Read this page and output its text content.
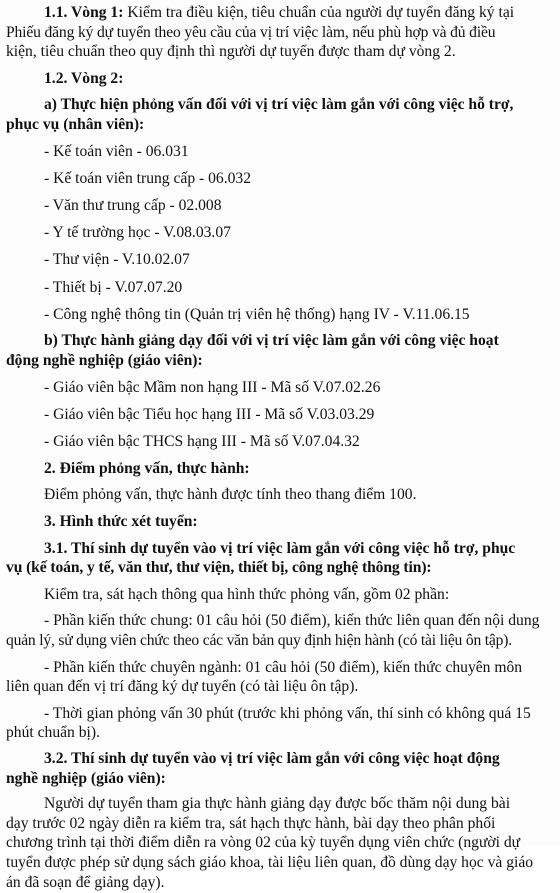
1.1. Vòng 1: Kiểm tra điều kiện, tiêu chuẩn của người dự tuyển đăng ký tại
Phiếu đăng ký dự tuyển theo yêu cầu của vị trí việc làm, nếu phù hợp và đủ điều
kiện, tiêu chuẩn theo quy định thì người dự tuyển được tham dự vòng 2.
1.2. Vòng 2:
a) Thực hiện phỏng vấn đối với vị trí việc làm gắn với công việc hỗ trợ,
phục vụ (nhân viên):
- Kế toán viên - 06.031
- Kế toán viên trung cấp - 06.032
- Văn thư trung cấp - 02.008
- Y tế trường học - V.08.03.07
- Thư viện - V.10.02.07
- Thiết bị - V.07.07.20
- Công nghệ thông tin (Quản trị viên hệ thống) hạng IV - V.11.06.15
b) Thực hành giảng dạy đối với vị trí việc làm gắn với công việc hoạt
động nghề nghiệp (giáo viên):
- Giáo viên bậc Mầm non hạng III - Mã số V.07.02.26
- Giáo viên bậc Tiểu học hạng III - Mã số V.03.03.29
- Giáo viên bậc THCS hạng III - Mã số V.07.04.32
2. Điểm phỏng vấn, thực hành:
Điểm phỏng vấn, thực hành được tính theo thang điểm 100.
3. Hình thức xét tuyển:
3.1. Thí sinh dự tuyển vào vị trí việc làm gắn với công việc hỗ trợ, phục
vụ (kế toán, y tế, văn thư, thư viện, thiết bị, công nghệ thông tin):
Kiểm tra, sát hạch thông qua hình thức phỏng vấn, gồm 02 phần:
- Phần kiến thức chung: 01 câu hỏi (50 điểm), kiến thức liên quan đến nội dung
quản lý, sử dụng viên chức theo các văn bản quy định hiện hành (có tài liệu ôn tập).
- Phần kiến thức chuyên ngành: 01 câu hỏi (50 điểm), kiến thức chuyên môn
liên quan đến vị trí đăng ký dự tuyển (có tài liệu ôn tập).
- Thời gian phỏng vấn 30 phút (trước khi phỏng vấn, thí sinh có không quá 15
phút chuẩn bị).
3.2. Thí sinh dự tuyển vào vị trí việc làm gắn với công việc hoạt động
nghề nghiệp (giáo viên):
Người dự tuyển tham gia thực hành giảng dạy được bốc thăm nội dung bài
dạy trước 02 ngày diễn ra kiểm tra, sát hạch thực hành, bài dạy theo phân phối
chương trình tại thời điểm diễn ra vòng 02 của kỳ tuyển dụng viên chức (người dự
tuyển được phép sử dụng sách giáo khoa, tài liệu liên quan, đồ dùng dạy học và giáo
án đã soạn để giảng dạy).
